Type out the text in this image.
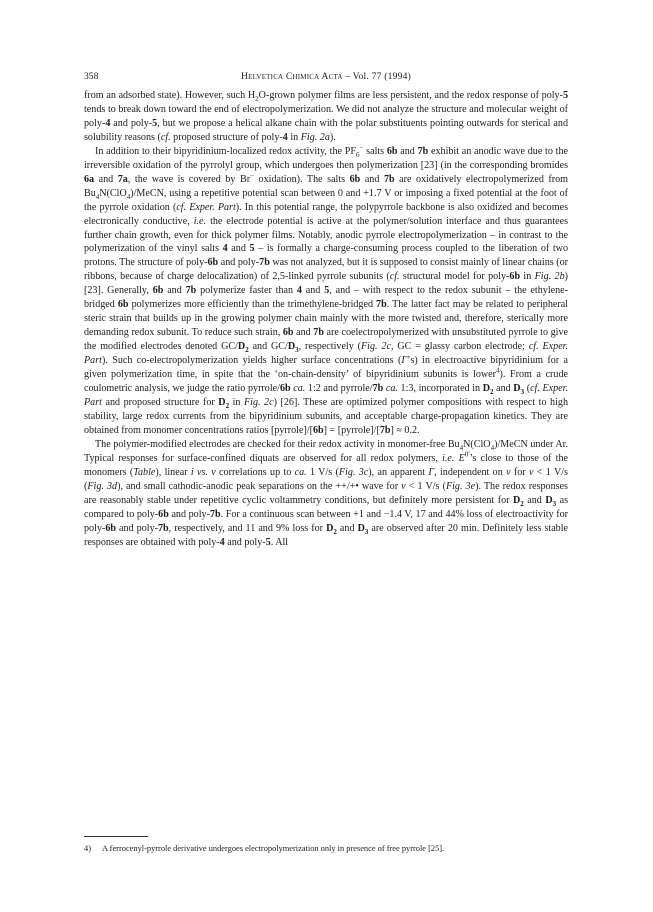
358	Helvetica Chimica Acta – Vol. 77 (1994)

from an adsorbed state). However, such $H_2O$-grown polymer films are less persistent, and the redox response of poly-5 tends to break down toward the end of electropolymerization. We did not analyze the structure and molecular weight of poly-4 and poly-5, but we propose a helical alkane chain with the polar substituents pointing outwards for sterical and solubility reasons (cf. proposed structure of poly-4 in Fig. 2a).

In addition to their bipyridinium-localized redox activity, the $PF_6^-$ salts 6b and 7b exhibit an anodic wave due to the irreversible oxidation of the pyrrolyl group, which undergoes then polymerization [23] (in the corresponding bromides 6a and 7a, the wave is covered by Br− oxidation). The salts 6b and 7b are oxidatively electropolymerized from $Bu_4N(ClO_4)$/MeCN, using a repetitive potential scan between 0 and +1.7 V or imposing a fixed potential at the foot of the pyrrole oxidation (cf. Exper. Part). In this potential range, the polypyrrole backbone is also oxidized and becomes electronically conductive, i.e. the electrode potential is active at the polymer/solution interface and thus guarantees further chain growth, even for thick polymer films. Notably, anodic pyrrole electropolymerization – in contrast to the polymerization of the vinyl salts 4 and 5 – is formally a charge-consuming process coupled to the liberation of two protons. The structure of poly-6b and poly-7b was not analyzed, but it is supposed to consist mainly of linear chains (or ribbons, because of charge delocalization) of 2,5-linked pyrrole subunits (cf. structural model for poly-6b in Fig. 2b) [23]. Generally, 6b and 7b polymerize faster than 4 and 5, and – with respect to the redox subunit – the ethylene-bridged 6b polymerizes more efficiently than the trimethylene-bridged 7b. The latter fact may be related to peripheral steric strain that builds up in the growing polymer chain mainly with the more twisted and, therefore, sterically more demanding redox subunit. To reduce such strain, 6b and 7b are coelectropolymerized with unsubstituted pyrrole to give the modified electrodes denoted $GC/D_2$ and $GC/D_3$, respectively (Fig. 2c, GC = glassy carbon electrode; cf. Exper. Part). Such co-electropolymerization yields higher surface concentrations (Γ’s) in electroactive bipyridinium for a given polymerization time, in spite that the ‘on-chain-density’ of bipyridinium subunits is lower$^4$). From a crude coulometric analysis, we judge the ratio pyrrole/6b ca. 1:2 and pyrrole/7b ca. 1:3, incorporated in $D_2$ and $D_3$ (cf. Exper. Part and proposed structure for $D_2$ in Fig. 2c) [26]. These are optimized polymer compositions with respect to high stability, large redox currents from the bipyridinium subunits, and acceptable charge-propagation kinetics. They are obtained from monomer concentrations ratios [pyrrole]/[6b] = [pyrrole]/[7b] ≈ 0.2.

The polymer-modified electrodes are checked for their redox activity in monomer-free $Bu_4N(ClO_4)$/MeCN under Ar. Typical responses for surface-confined diquats are observed for all redox polymers, i.e. $E^{0'}’s$ close to those of the monomers (Table), linear i vs. v correlations up to ca. 1 V/s (Fig. 3c), an apparent Γ, independent on v for v < 1 V/s (Fig. 3d), and small cathodic-anodic peak separations on the ++/+• wave for v < 1 V/s (Fig. 3e). The redox responses are reasonably stable under repetitive cyclic voltammetry conditions, but definitely more persistent for $D_2$ and $D_3$ as compared to poly-6b and poly-7b. For a continuous scan between +1 and −1.4 V, 17 and 44% loss of electroactivity for poly-6b and poly-7b, respectively, and 11 and 9% loss for $D_2$ and $D_3$ are observed after 20 min. Definitely less stable responses are obtained with poly-4 and poly-5. All

4) A ferrocenyl-pyrrole derivative undergoes electropolymerization only in presence of free pyrrole [25].
